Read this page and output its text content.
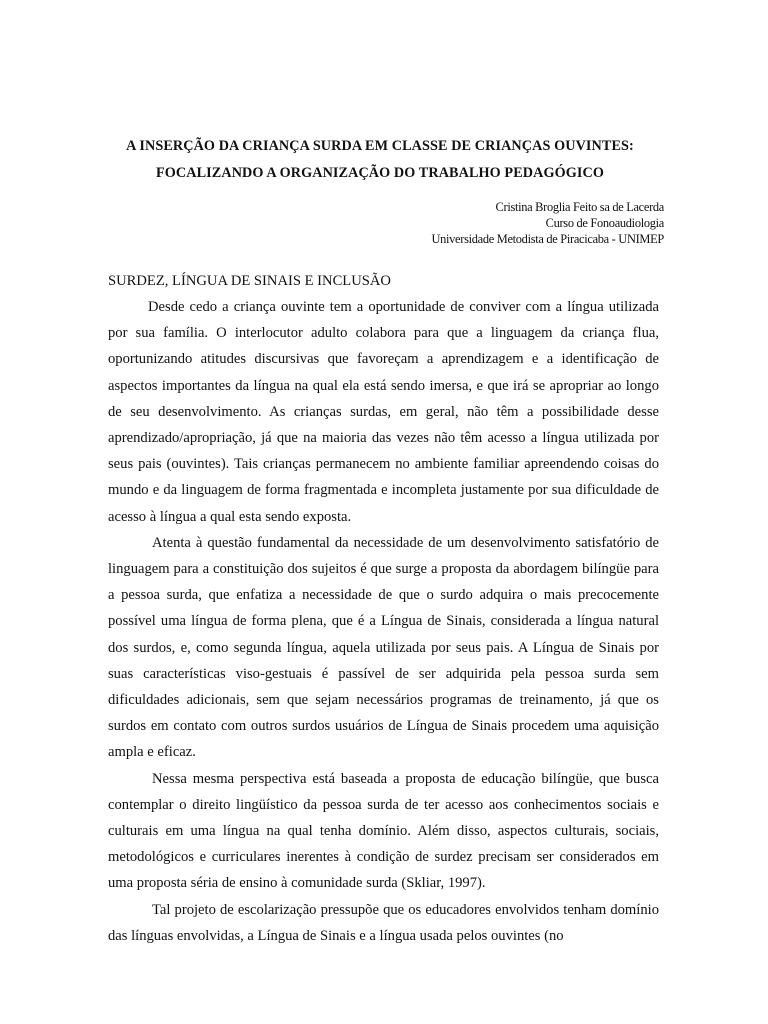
A INSERÇÃO DA CRIANÇA SURDA EM CLASSE DE CRIANÇAS OUVINTES:
FOCALIZANDO A ORGANIZAÇÃO DO TRABALHO PEDAGÓGICO
Cristina Broglia Feito sa de Lacerda
Curso de Fonoaudiologia
Universidade Metodista de Piracicaba - UNIMEP
SURDEZ, LÍNGUA DE SINAIS E INCLUSÃO

Desde cedo a criança ouvinte tem a oportunidade de conviver com a língua utilizada por sua família. O interlocutor adulto colabora para que a linguagem da criança flua, oportunizando atitudes discursivas que favoreçam a aprendizagem e a identificação de aspectos importantes da língua na qual ela está sendo imersa, e que irá se apropriar ao longo de seu desenvolvimento. As crianças surdas, em geral, não têm a possibilidade desse aprendizado/apropriação, já que na maioria das vezes não têm acesso a língua utilizada por seus pais (ouvintes). Tais crianças permanecem no ambiente familiar apreendendo coisas do mundo e da linguagem de forma fragmentada e incompleta justamente por sua dificuldade de acesso à língua a qual esta sendo exposta.

Atenta à questão fundamental da necessidade de um desenvolvimento satisfatório de linguagem para a constituição dos sujeitos é que surge a proposta da abordagem bilíngüe para a pessoa surda, que enfatiza a necessidade de que o surdo adquira o mais precocemente possível uma língua de forma plena, que é a Língua de Sinais, considerada a língua natural dos surdos, e, como segunda língua, aquela utilizada por seus pais. A Língua de Sinais por suas características viso-gestuais é passível de ser adquirida pela pessoa surda sem dificuldades adicionais, sem que sejam necessários programas de treinamento, já que os surdos em contato com outros surdos usuários de Língua de Sinais procedem uma aquisição ampla e eficaz.

Nessa mesma perspectiva está baseada a proposta de educação bilíngüe, que busca contemplar o direito lingüístico da pessoa surda de ter acesso aos conhecimentos sociais e culturais em uma língua na qual tenha domínio. Além disso, aspectos culturais, sociais, metodológicos e curriculares inerentes à condição de surdez precisam ser considerados em uma proposta séria de ensino à comunidade surda (Skliar, 1997).

Tal projeto de escolarização pressupõe que os educadores envolvidos tenham domínio das línguas envolvidas, a Língua de Sinais e a língua usada pelos ouvintes (no
